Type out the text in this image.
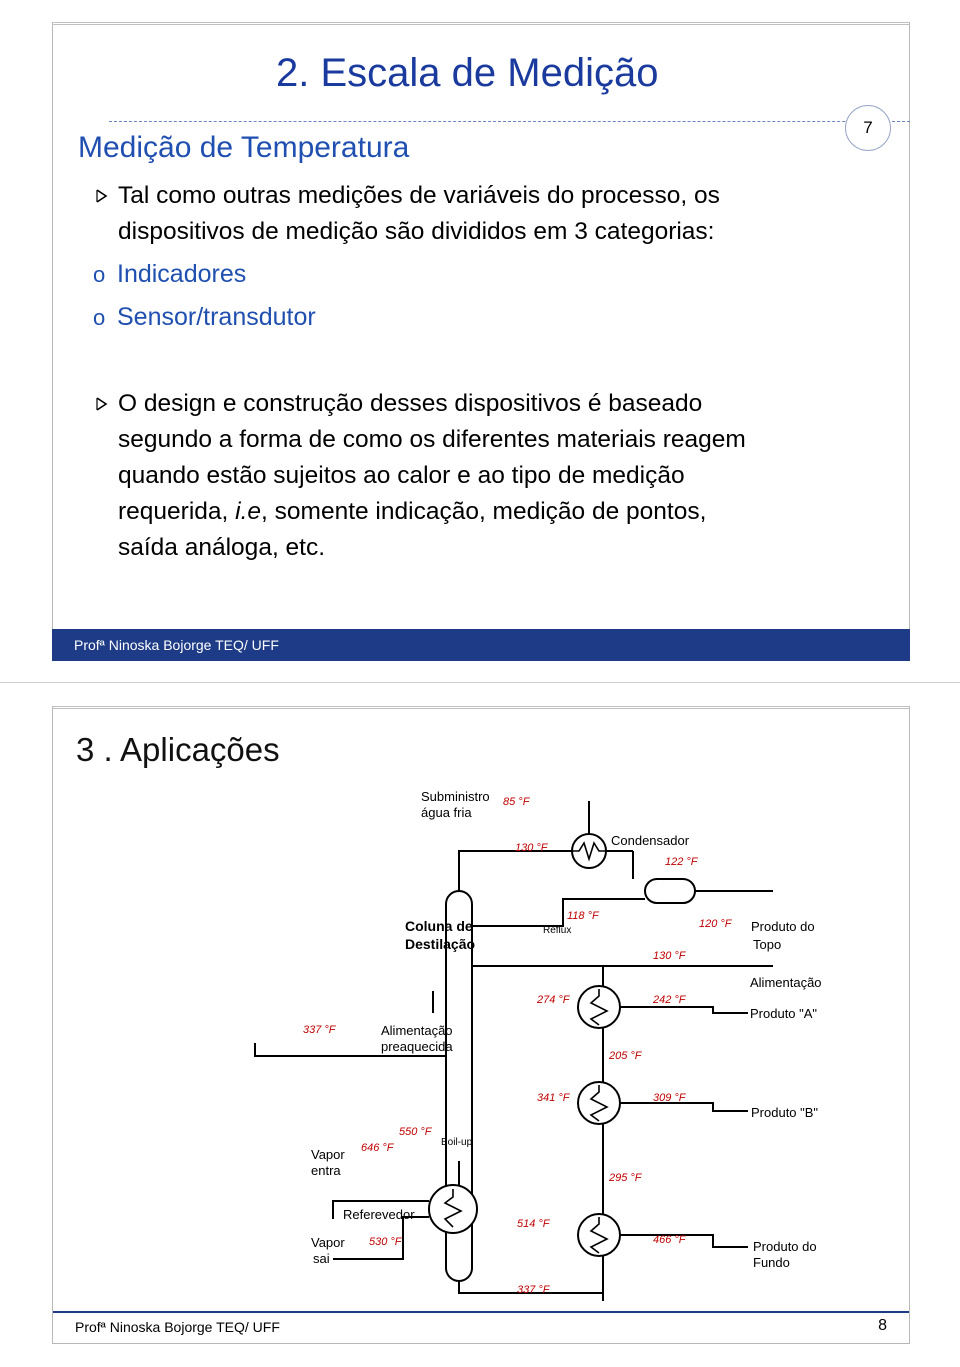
2. Escala de Medição
7
Medição de Temperatura
Tal como outras medições de variáveis do processo, os
dispositivos de medição são divididos em 3 categorias:
o Indicadores
o Sensor/transdutor
O design e construção desses dispositivos é baseado
segundo a forma de como os diferentes materiais reagem
quando estão sujeitos ao calor e ao tipo de medição
requerida, i.e, somente indicação, medição de pontos,
saída análoga, etc.
Profª Ninoska Bojorge TEQ/ UFF
3 . Aplicações
Subministro
água fria
Condensador
Reflux
Coluna de
Destilação
Produto do
Topo
Alimentação
Produto "A"
Produto "B"
Alimentação
preaquecida
Boil-up
Vapor
entra
Referevedor
Vapor
sai
Produto do
Fundo
85 °F
130 °F
122 °F
118 °F
120 °F
130 °F
274 °F	242 °F
337 °F
205 °F
341 °F	309 °F
550 °F
646 °F
295 °F
514 °F
530 °F	466 °F
337 °F
Profª Ninoska Bojorge TEQ/ UFF	8
